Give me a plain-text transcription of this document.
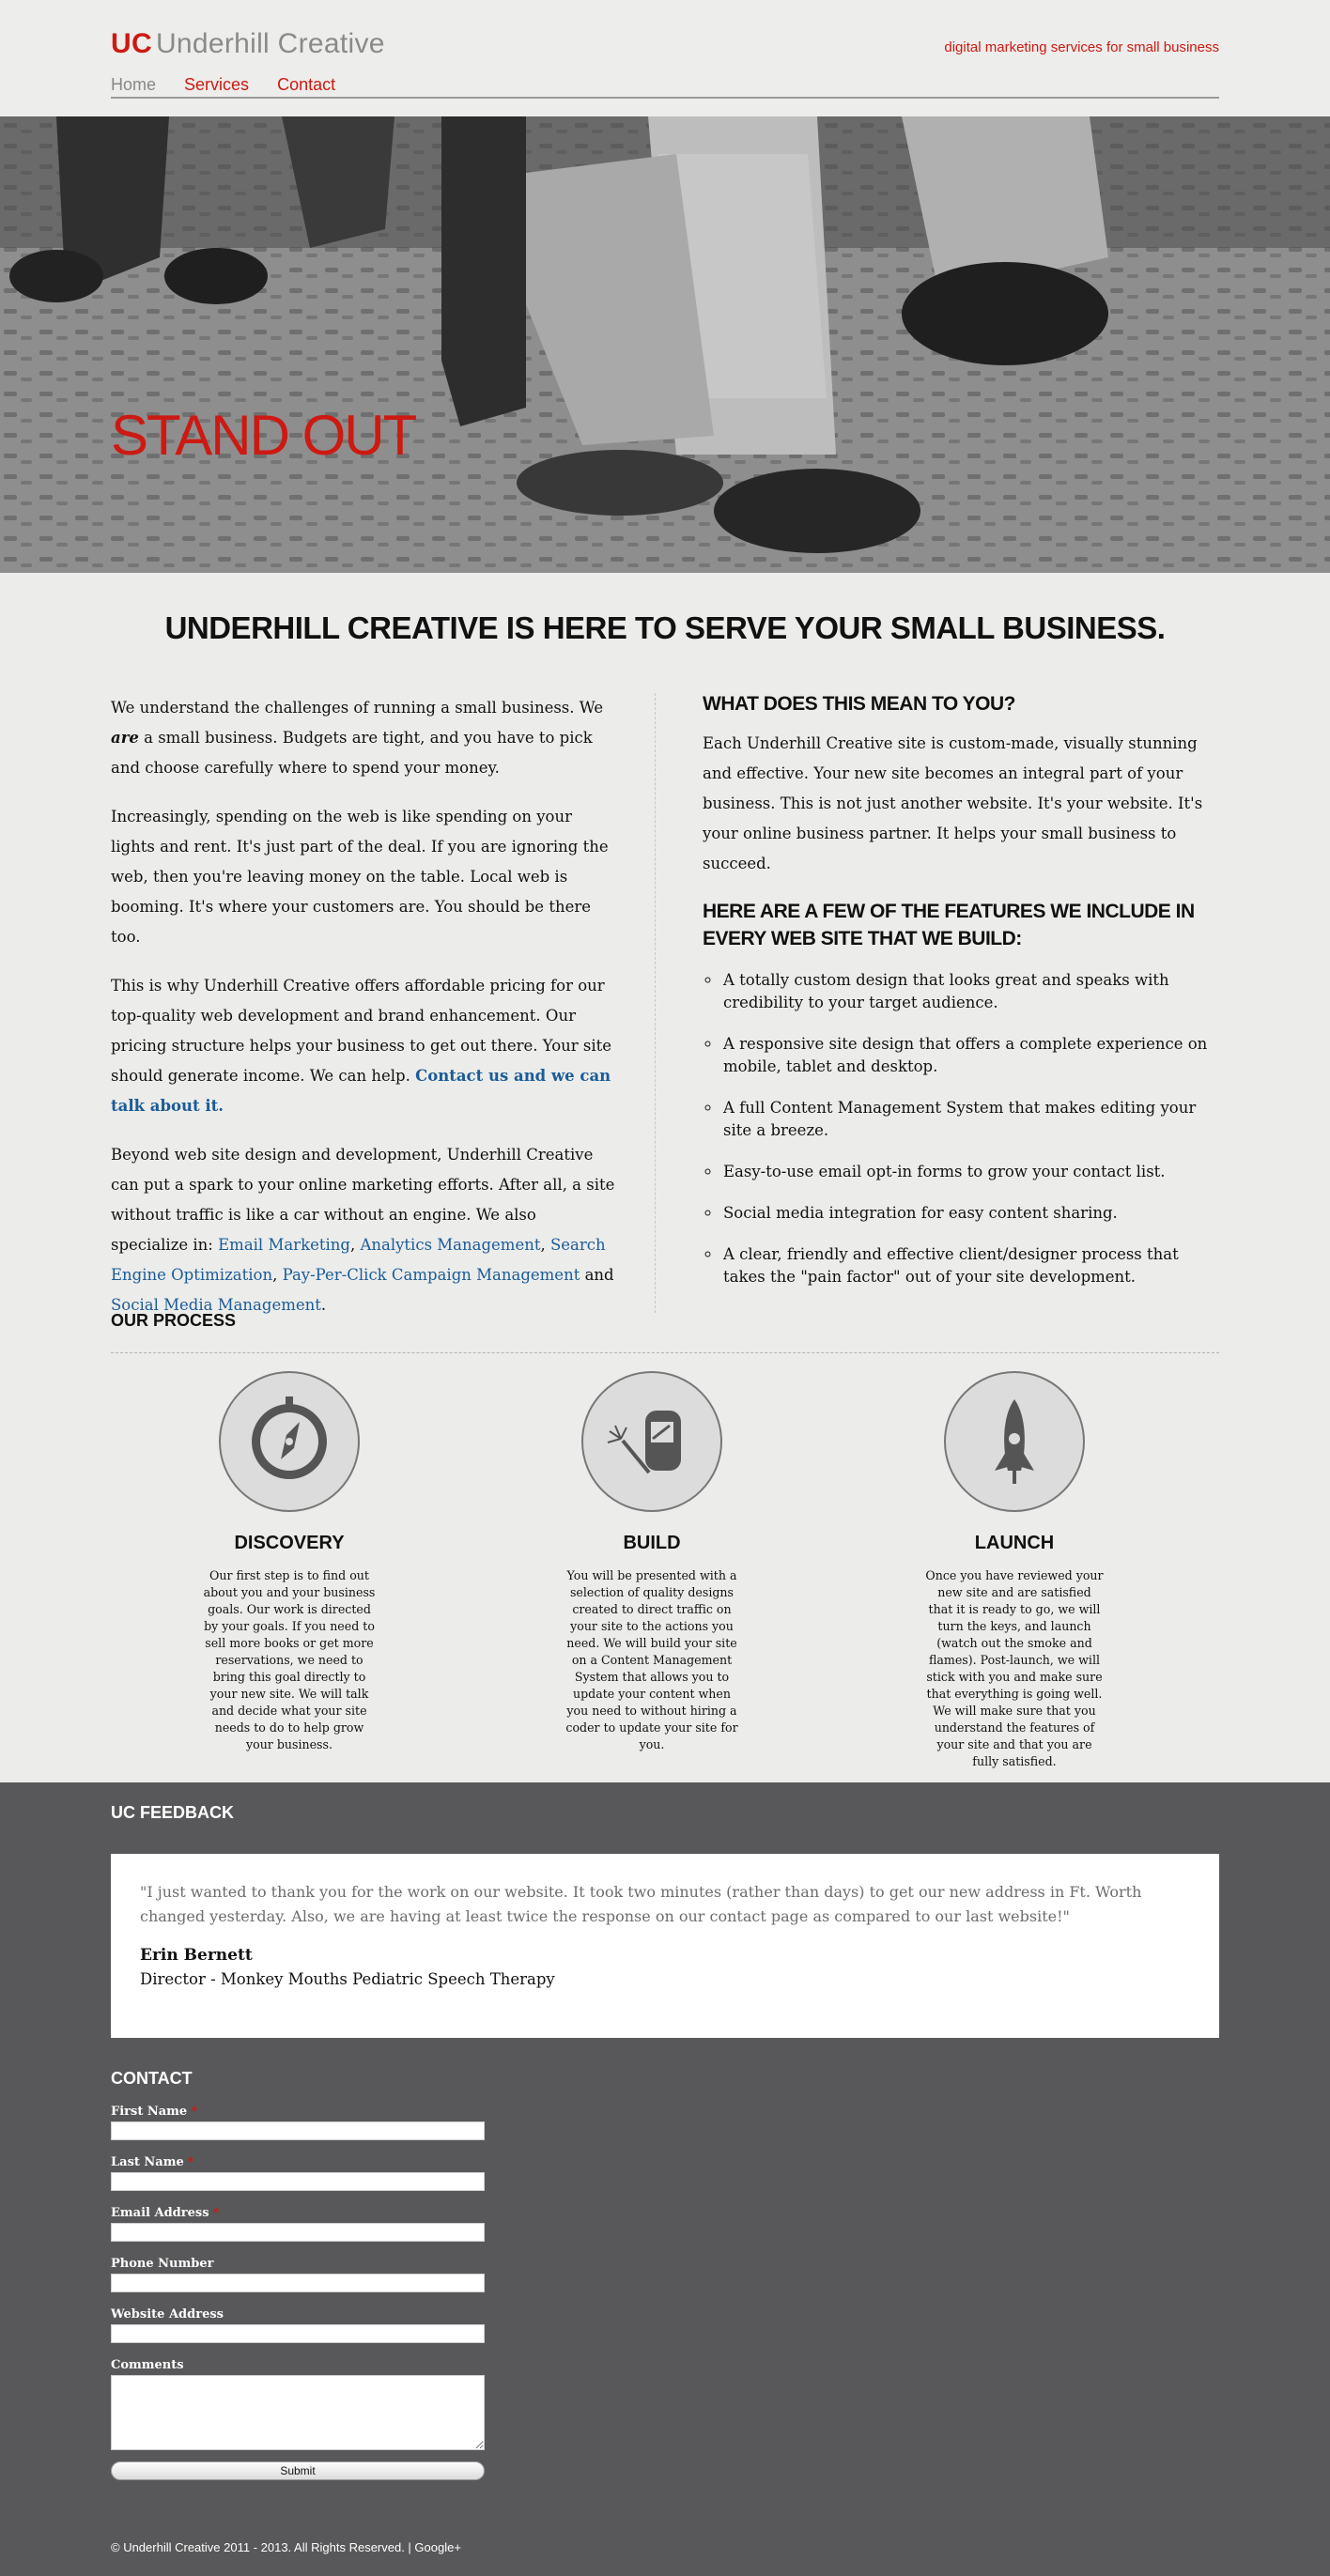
UC Underhill Creative	digital marketing services for small business
Home Services Contact
STAND OUT
UNDERHILL CREATIVE IS HERE TO SERVE YOUR SMALL BUSINESS.

We understand the challenges of running a small business. We are a small business. Budgets are tight, and you have to pick and choose carefully where to spend your money.

Increasingly, spending on the web is like spending on your lights and rent. It's just part of the deal. If you are ignoring the web, then you're leaving money on the table. Local web is booming. It's where your customers are. You should be there too.

This is why Underhill Creative offers affordable pricing for our top-quality web development and brand enhancement. Our pricing structure helps your business to get out there. Your site should generate income. We can help. Contact us and we can talk about it.

Beyond web site design and development, Underhill Creative can put a spark to your online marketing efforts. After all, a site without traffic is like a car without an engine. We also specialize in: Email Marketing, Analytics Management, Search Engine Optimization, Pay-Per-Click Campaign Management and Social Media Management.

WHAT DOES THIS MEAN TO YOU?

Each Underhill Creative site is custom-made, visually stunning and effective. Your new site becomes an integral part of your business. This is not just another website. It's your website. It's your online business partner. It helps your small business to succeed.

HERE ARE A FEW OF THE FEATURES WE INCLUDE IN EVERY WEB SITE THAT WE BUILD:
◦ A totally custom design that looks great and speaks with credibility to your target audience.
◦ A responsive site design that offers a complete experience on mobile, tablet and desktop.
◦ A full Content Management System that makes editing your site a breeze.
◦ Easy-to-use email opt-in forms to grow your contact list.
◦ Social media integration for easy content sharing.
◦ A clear, friendly and effective client/designer process that takes the "pain factor" out of your site development.
OUR PROCESS
DISCOVERY

Our first step is to find out about you and your business goals. Our work is directed by your goals. If you need to sell more books or get more reservations, we need to bring this goal directly to your new site. We will talk and decide what your site needs to do to help grow your business.

BUILD

You will be presented with a selection of quality designs created to direct traffic on your site to the actions you need. We will build your site on a Content Management System that allows you to update your content when you need to without hiring a coder to update your site for you.

LAUNCH

Once you have reviewed your new site and are satisfied that it is ready to go, we will turn the keys, and launch (watch out the smoke and flames). Post-launch, we will stick with you and make sure that everything is going well. We will make sure that you understand the features of your site and that you are fully satisfied.

UC FEEDBACK
"I just wanted to thank you for the work on our website. It took two minutes (rather than days) to get our new address in Ft. Worth changed yesterday. Also, we are having at least twice the response on our contact page as compared to our last website!"
Erin Bernett
Director - Monkey Mouths Pediatric Speech Therapy
CONTACT
First Name *
Last Name *
Email Address *
Phone Number
Website Address
Comments
Submit
© Underhill Creative 2011 - 2013. All Rights Reserved. | Google+
